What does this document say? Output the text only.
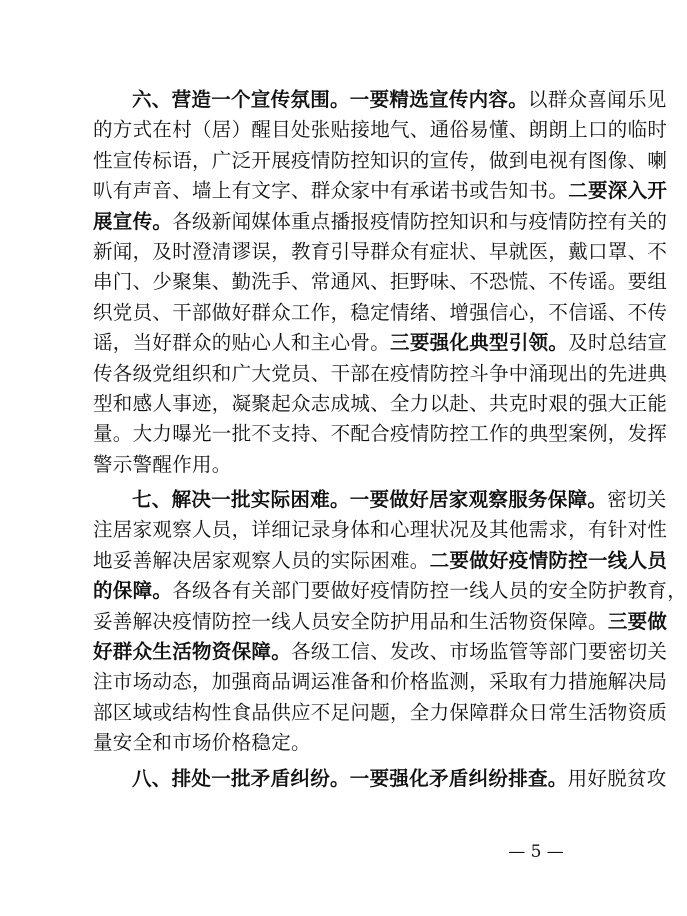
六、营造一个宣传氛围。一要精选宣传内容。以群众喜闻乐见
的方式在村（居）醒目处张贴接地气、通俗易懂、朗朗上口的临时
性宣传标语，广泛开展疫情防控知识的宣传，做到电视有图像、喇
叭有声音、墙上有文字、群众家中有承诺书或告知书。二要深入开
展宣传。各级新闻媒体重点播报疫情防控知识和与疫情防控有关的
新闻，及时澄清谬误，教育引导群众有症状、早就医，戴口罩、不
串门、少聚集、勤洗手、常通风、拒野味、不恐慌、不传谣。要组
织党员、干部做好群众工作，稳定情绪、增强信心，不信谣、不传
谣，当好群众的贴心人和主心骨。三要强化典型引领。及时总结宣
传各级党组织和广大党员、干部在疫情防控斗争中涌现出的先进典
型和感人事迹，凝聚起众志成城、全力以赴、共克时艰的强大正能
量。大力曝光一批不支持、不配合疫情防控工作的典型案例，发挥
警示警醒作用。
七、解决一批实际困难。一要做好居家观察服务保障。密切关
注居家观察人员，详细记录身体和心理状况及其他需求，有针对性
地妥善解决居家观察人员的实际困难。二要做好疫情防控一线人员
的保障。各级各有关部门要做好疫情防控一线人员的安全防护教育，
妥善解决疫情防控一线人员安全防护用品和生活物资保障。三要做
好群众生活物资保障。各级工信、发改、市场监管等部门要密切关
注市场动态，加强商品调运准备和价格监测，采取有力措施解决局
部区域或结构性食品供应不足问题，全力保障群众日常生活物资质
量安全和市场价格稳定。
八、排处一批矛盾纠纷。一要强化矛盾纠纷排查。用好脱贫攻
— 5 —
